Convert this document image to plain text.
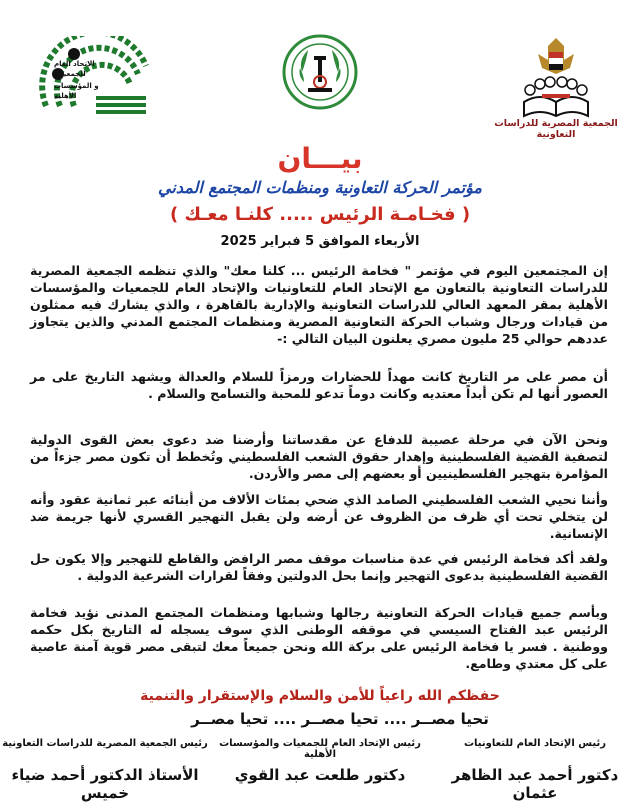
الاتحاد العام
للجمعيات
و المؤسسات
الأهلية
الجمعية المصرية للدراسات التعاونية
بيـــان
مؤتمر الحركة التعاونية ومنظمات المجتمع المدني
( فخـامـة الرئيس ..... كلنـا معـك )
الأربعاء الموافق 5 فبراير 2025
إن المجتمعين اليوم في مؤتمر " فخامة الرئيس ... كلنا معك" والذي تنظمه الجمعية المصرية للدراسات التعاونية بالتعاون مع الإتحاد العام للتعاونيات والإتحاد العام للجمعيات والمؤسسات الأهلية بمقر المعهد العالي للدراسات التعاونية والإدارية بالقاهرة ، والذي يشارك فيه ممثلون من قيادات ورجال وشباب الحركة التعاونية المصرية ومنظمات المجتمع المدني والذين يتجاوز عددهم حوالي 25 مليون مصري يعلنون البيان التالي :-
أن مصر على مر التاريخ كانت مهداً للحضارات ورمزاً للسلام والعدالة ويشهد التاريخ على مر العصور أنها لم تكن أبداً معتديه وكانت دوماً تدعو للمحبة والتسامح والسلام .
ونحن الآن في مرحلة عصيبة للدفاع عن مقدساتنا وأرضنا ضد دعوى بعض القوى الدولية لتصفية القضية الفلسطينية وإهدار حقوق الشعب الفلسطيني وتُخطط أن تكون مصر جزءاً من المؤامرة بتهجير الفلسطينيين أو بعضهم إلى مصر والأردن.
وأننا نحيي الشعب الفلسطيني الصامد الذي ضحي بمئات الألاف من أبنائه عبر ثمانية عقود وأنه لن يتخلي تحت أي ظرف من الظروف عن أرضه ولن يقبل التهجير القسري لأنها جريمة ضد الإنسانية.
ولقد أكد فخامة الرئيس في عدة مناسبات موقف مصر الرافض والقاطع للتهجير وإلا يكون حل القضية الفلسطينية بدعوى التهجير وإنما بحل الدولتين وفقاً لقرارات الشرعية الدولية .
وبأسم جميع قيادات الحركة التعاونية رجالها وشبابها ومنظمات المجتمع المدنى نؤيد فخامة الرئيس عبد الفتاح السيسي في موقفه الوطنى الذي سوف يسجله له التاريخ بكل حكمه ووطنية . فسر يا فخامة الرئيس على بركة الله ونحن جميعاً معك لتبقى مصر قوية آمنة عاصية على كل معتدي وطامع.
حفظكم الله راعياً للأمن والسلام والإستقرار والتنمية
تحيا مصــر .... تحيا مصــر .... تحيا مصــر
رئيس الإتحاد العام للتعاونيات
دكتور أحمد عبد الظاهر عثمان
رئيس الإتحاد العام للجمعيات والمؤسسات الأهلية
دكتور طلعت عبد القوي
رئيس الجمعية المصرية للدراسات التعاونية
الأستاذ الدكتور أحمد ضياء خميس
